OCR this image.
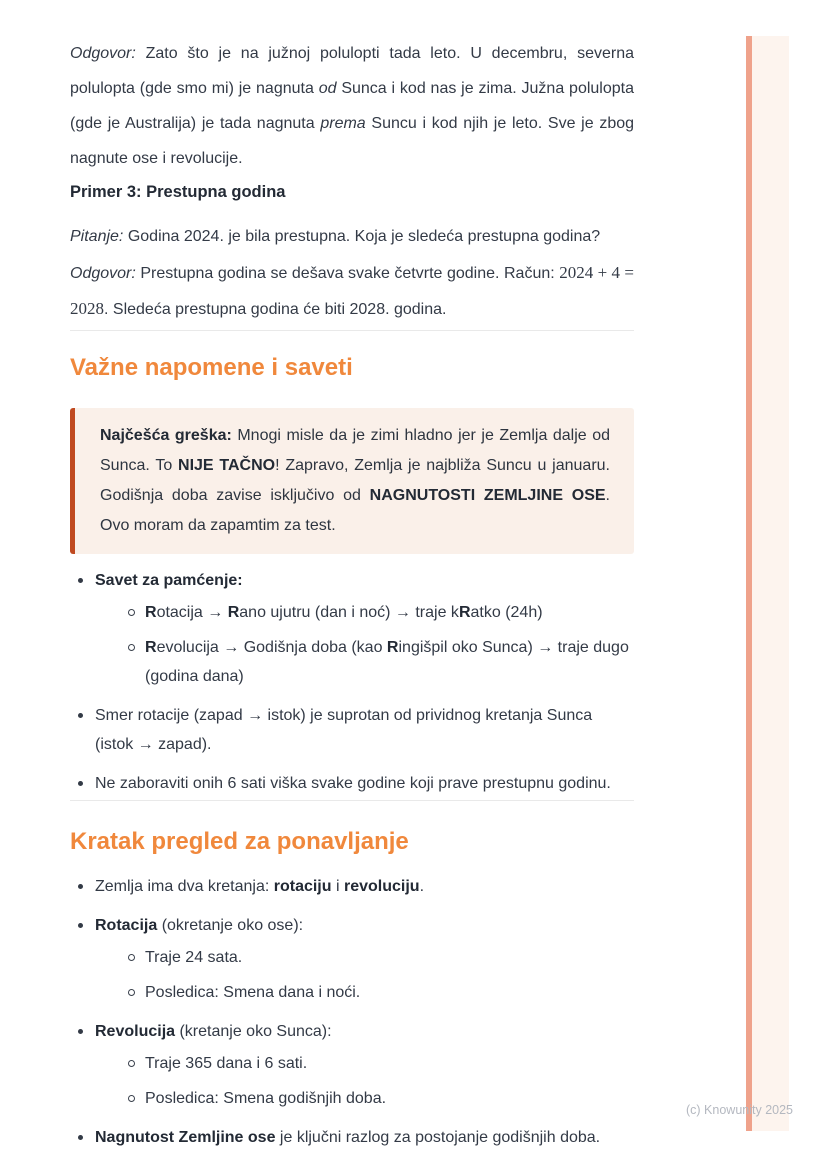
Odgovor: Zato što je na južnoj polulopti tada leto. U decembru, severna polulopta (gde smo mi) je nagnuta od Sunca i kod nas je zima. Južna polulopta (gde je Australija) je tada nagnuta prema Suncu i kod njih je leto. Sve je zbog nagnute ose i revolucije.

Primer 3: Prestupna godina

Pitanje: Godina 2024. je bila prestupna. Koja je sledeća prestupna godina?

Odgovor: Prestupna godina se dešava svake četvrte godine. Račun: 2024 + 4 = 2028. Sledeća prestupna godina će biti 2028. godina.

Važne napomene i saveti

Najčešća greška: Mnogi misle da je zimi hladno jer je Zemlja dalje od Sunca. To NIJE TAČNO! Zapravo, Zemlja je najbliža Suncu u januaru. Godišnja doba zavise isključivo od NAGNUTOSTI ZEMLJINE OSE. Ovo moram da zapamtim za test.

Savet za pamćenje:
Rotacija → Rano ujutru (dan i noć) → traje kRatko (24h)
Revolucija → Godišnja doba (kao Ringišpil oko Sunca) → traje dugo (godina dana)
Smer rotacije (zapad → istok) je suprotan od prividnog kretanja Sunca (istok → zapad).
Ne zaboraviti onih 6 sati viška svake godine koji prave prestupnu godinu.
Kratak pregled za ponavljanje
Zemlja ima dva kretanja: rotaciju i revoluciju.
Rotacija (okretanje oko ose):
Traje 24 sata.
Posledica: Smena dana i noći.
Revolucija (kretanje oko Sunca):
Traje 365 dana i 6 sati.
Posledica: Smena godišnjih doba.
Nagnutost Zemljine ose je ključni razlog za postojanje godišnjih doba.
(c) Knowunity 2025
